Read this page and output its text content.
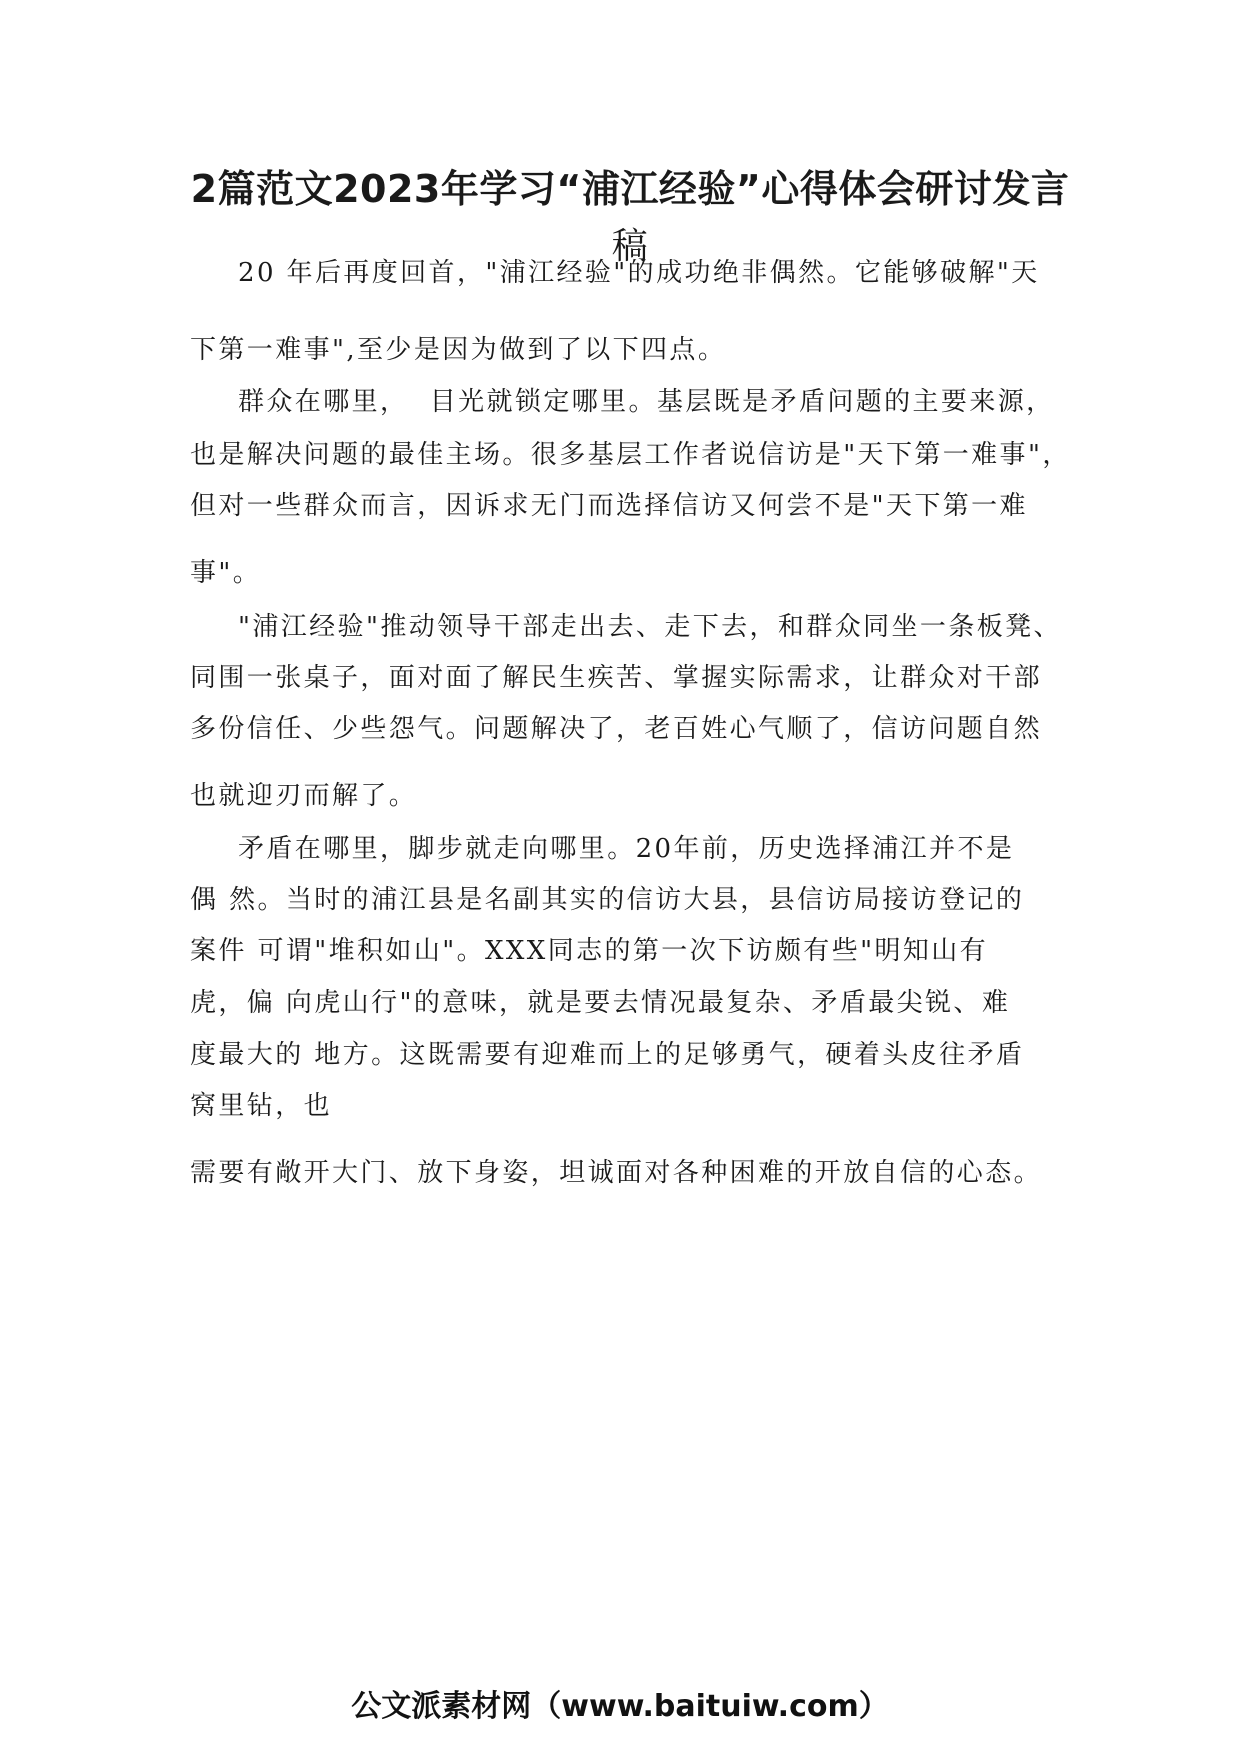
2篇范文2023年学习“浦江经验”心得体会研讨发言
稿
20 年后再度回首，"浦江经验"的成功绝非偶然。它能够破解"天
下第一难事",至少是因为做到了以下四点。
群众在哪里，  目光就锁定哪里。基层既是矛盾问题的主要来源，
也是解决问题的最佳主场。很多基层工作者说信访是"天下第一难事"，
但对一些群众而言，因诉求无门而选择信访又何尝不是"天下第一难
事"。
"浦江经验"推动领导干部走出去、走下去，和群众同坐一条板凳、
同围一张桌子，面对面了解民生疾苦、掌握实际需求，让群众对干部
多份信任、少些怨气。问题解决了，老百姓心气顺了，信访问题自然
也就迎刃而解了。
矛盾在哪里，脚步就走向哪里。20年前，历史选择浦江并不是
偶 然。当时的浦江县是名副其实的信访大县，县信访局接访登记的
案件 可谓"堆积如山"。XXX同志的第一次下访颇有些"明知山有
虎，偏 向虎山行"的意味，就是要去情况最复杂、矛盾最尖锐、难
度最大的 地方。这既需要有迎难而上的足够勇气，硬着头皮往矛盾
窝里钻，也
需要有敞开大门、放下身姿，坦诚面对各种困难的开放自信的心态。
公文派素材网（www.baituiw.com）
